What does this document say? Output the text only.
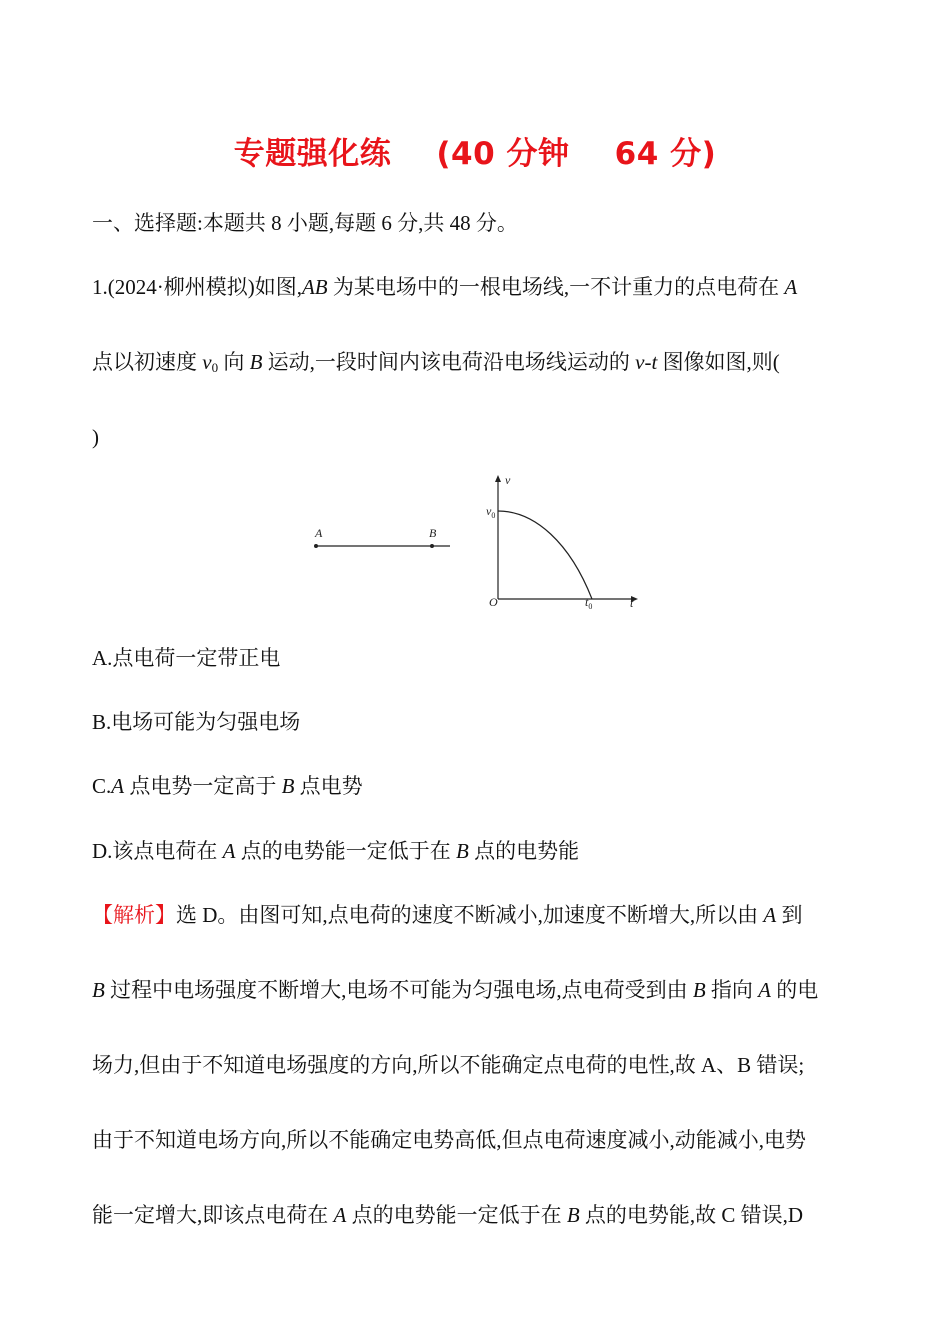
专题强化练    (40 分钟    64 分)
一、选择题:本题共 8 小题,每题 6 分,共 48 分。
1.(2024·柳州模拟)如图,AB 为某电场中的一根电场线,一不计重力的点电荷在 A
点以初速度 $v_0$ 向 B 运动,一段时间内该电荷沿电场线运动的 v-t 图像如图,则(
)
A	B
v
$v_0$
O	$t_0$	t
A.点电荷一定带正电
B.电场可能为匀强电场
C.A 点电势一定高于 B 点电势
D.该点电荷在 A 点的电势能一定低于在 B 点的电势能
【解析】选 D。由图可知,点电荷的速度不断减小,加速度不断增大,所以由 A 到
B 过程中电场强度不断增大,电场不可能为匀强电场,点电荷受到由 B 指向 A 的电
场力,但由于不知道电场强度的方向,所以不能确定点电荷的电性,故 A、B 错误;
由于不知道电场方向,所以不能确定电势高低,但点电荷速度减小,动能减小,电势
能一定增大,即该点电荷在 A 点的电势能一定低于在 B 点的电势能,故 C 错误,D
